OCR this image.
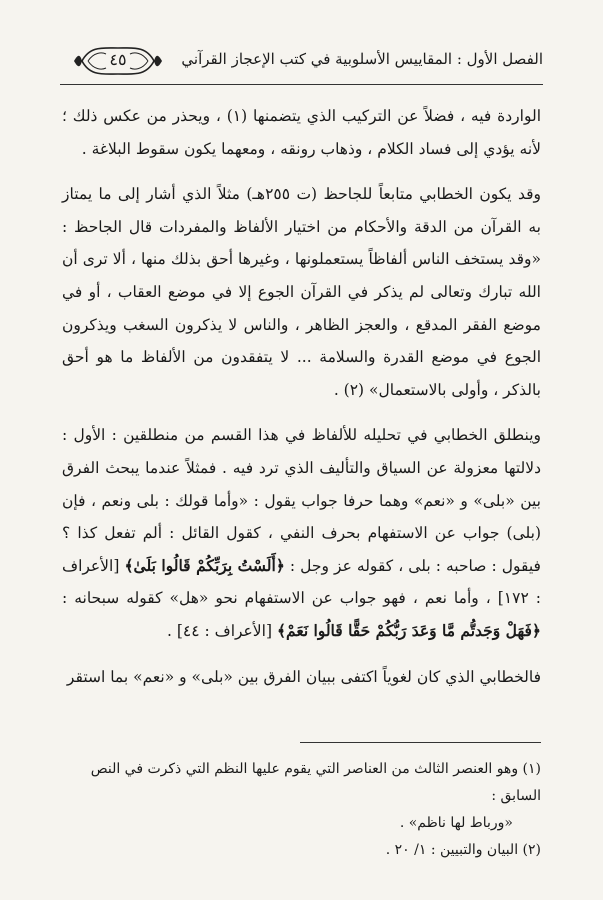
الفصل الأول : المقاييس الأسلوبية في كتب الإعجاز القرآني
٤٥

الواردة فيه ، فضلاً عن التركيب الذي يتضمنها (١) ، ويحذر من عكس ذلك ؛ لأنه يؤدي إلى فساد الكلام ، وذهاب رونقه ، ومعهما يكون سقوط البلاغة .

وقد يكون الخطابي متابعاً للجاحظ (ت ٢٥٥هـ) مثلاً الذي أشار إلى ما يمتاز به القرآن من الدقة والأحكام من اختيار الألفاظ والمفردات قال الجاحظ : «وقد يستخف الناس ألفاظاً يستعملونها ، وغيرها أحق بذلك منها ، ألا ترى أن الله تبارك وتعالى لم يذكر في القرآن الجوع إلا في موضع العقاب ، أو في موضع الفقر المدقع ، والعجز الظاهر ، والناس لا يذكرون السغب ويذكرون الجوع في موضع القدرة والسلامة ... لا يتفقدون من الألفاظ ما هو أحق بالذكر ، وأولى بالاستعمال» (٢) .

وينطلق الخطابي في تحليله للألفاظ في هذا القسم من منطلقين : الأول : دلالتها معزولة عن السياق والتأليف الذي ترد فيه . فمثلاً عندما يبحث الفرق بين «بلى» و «نعم» وهما حرفا جواب يقول : «وأما قولك : بلى ونعم ، فإن (بلى) جواب عن الاستفهام بحرف النفي ، كقول القائل : ألم تفعل كذا ؟ فيقول : صاحبه : بلى ، كقوله عز وجل : ﴿أَلَسْتُ بِرَبِّكُمْ قَالُوا بَلَىٰ﴾ [الأعراف : ١٧٢] ، وأما نعم ، فهو جواب عن الاستفهام نحو «هل» كقوله سبحانه : ﴿فَهَلْ وَجَدتُّم مَّا وَعَدَ رَبُّكُمْ حَقًّا قَالُوا نَعَمْ﴾ [الأعراف : ٤٤] .

فالخطابي الذي كان لغوياً اكتفى ببيان الفرق بين «بلى» و «نعم» بما استقر

(١) وهو العنصر الثالث من العناصر التي يقوم عليها النظم التي ذكرت في النص السابق :

«ورباط لها ناظم» .

(٢) البيان والتبيين : ١/ ٢٠ .
